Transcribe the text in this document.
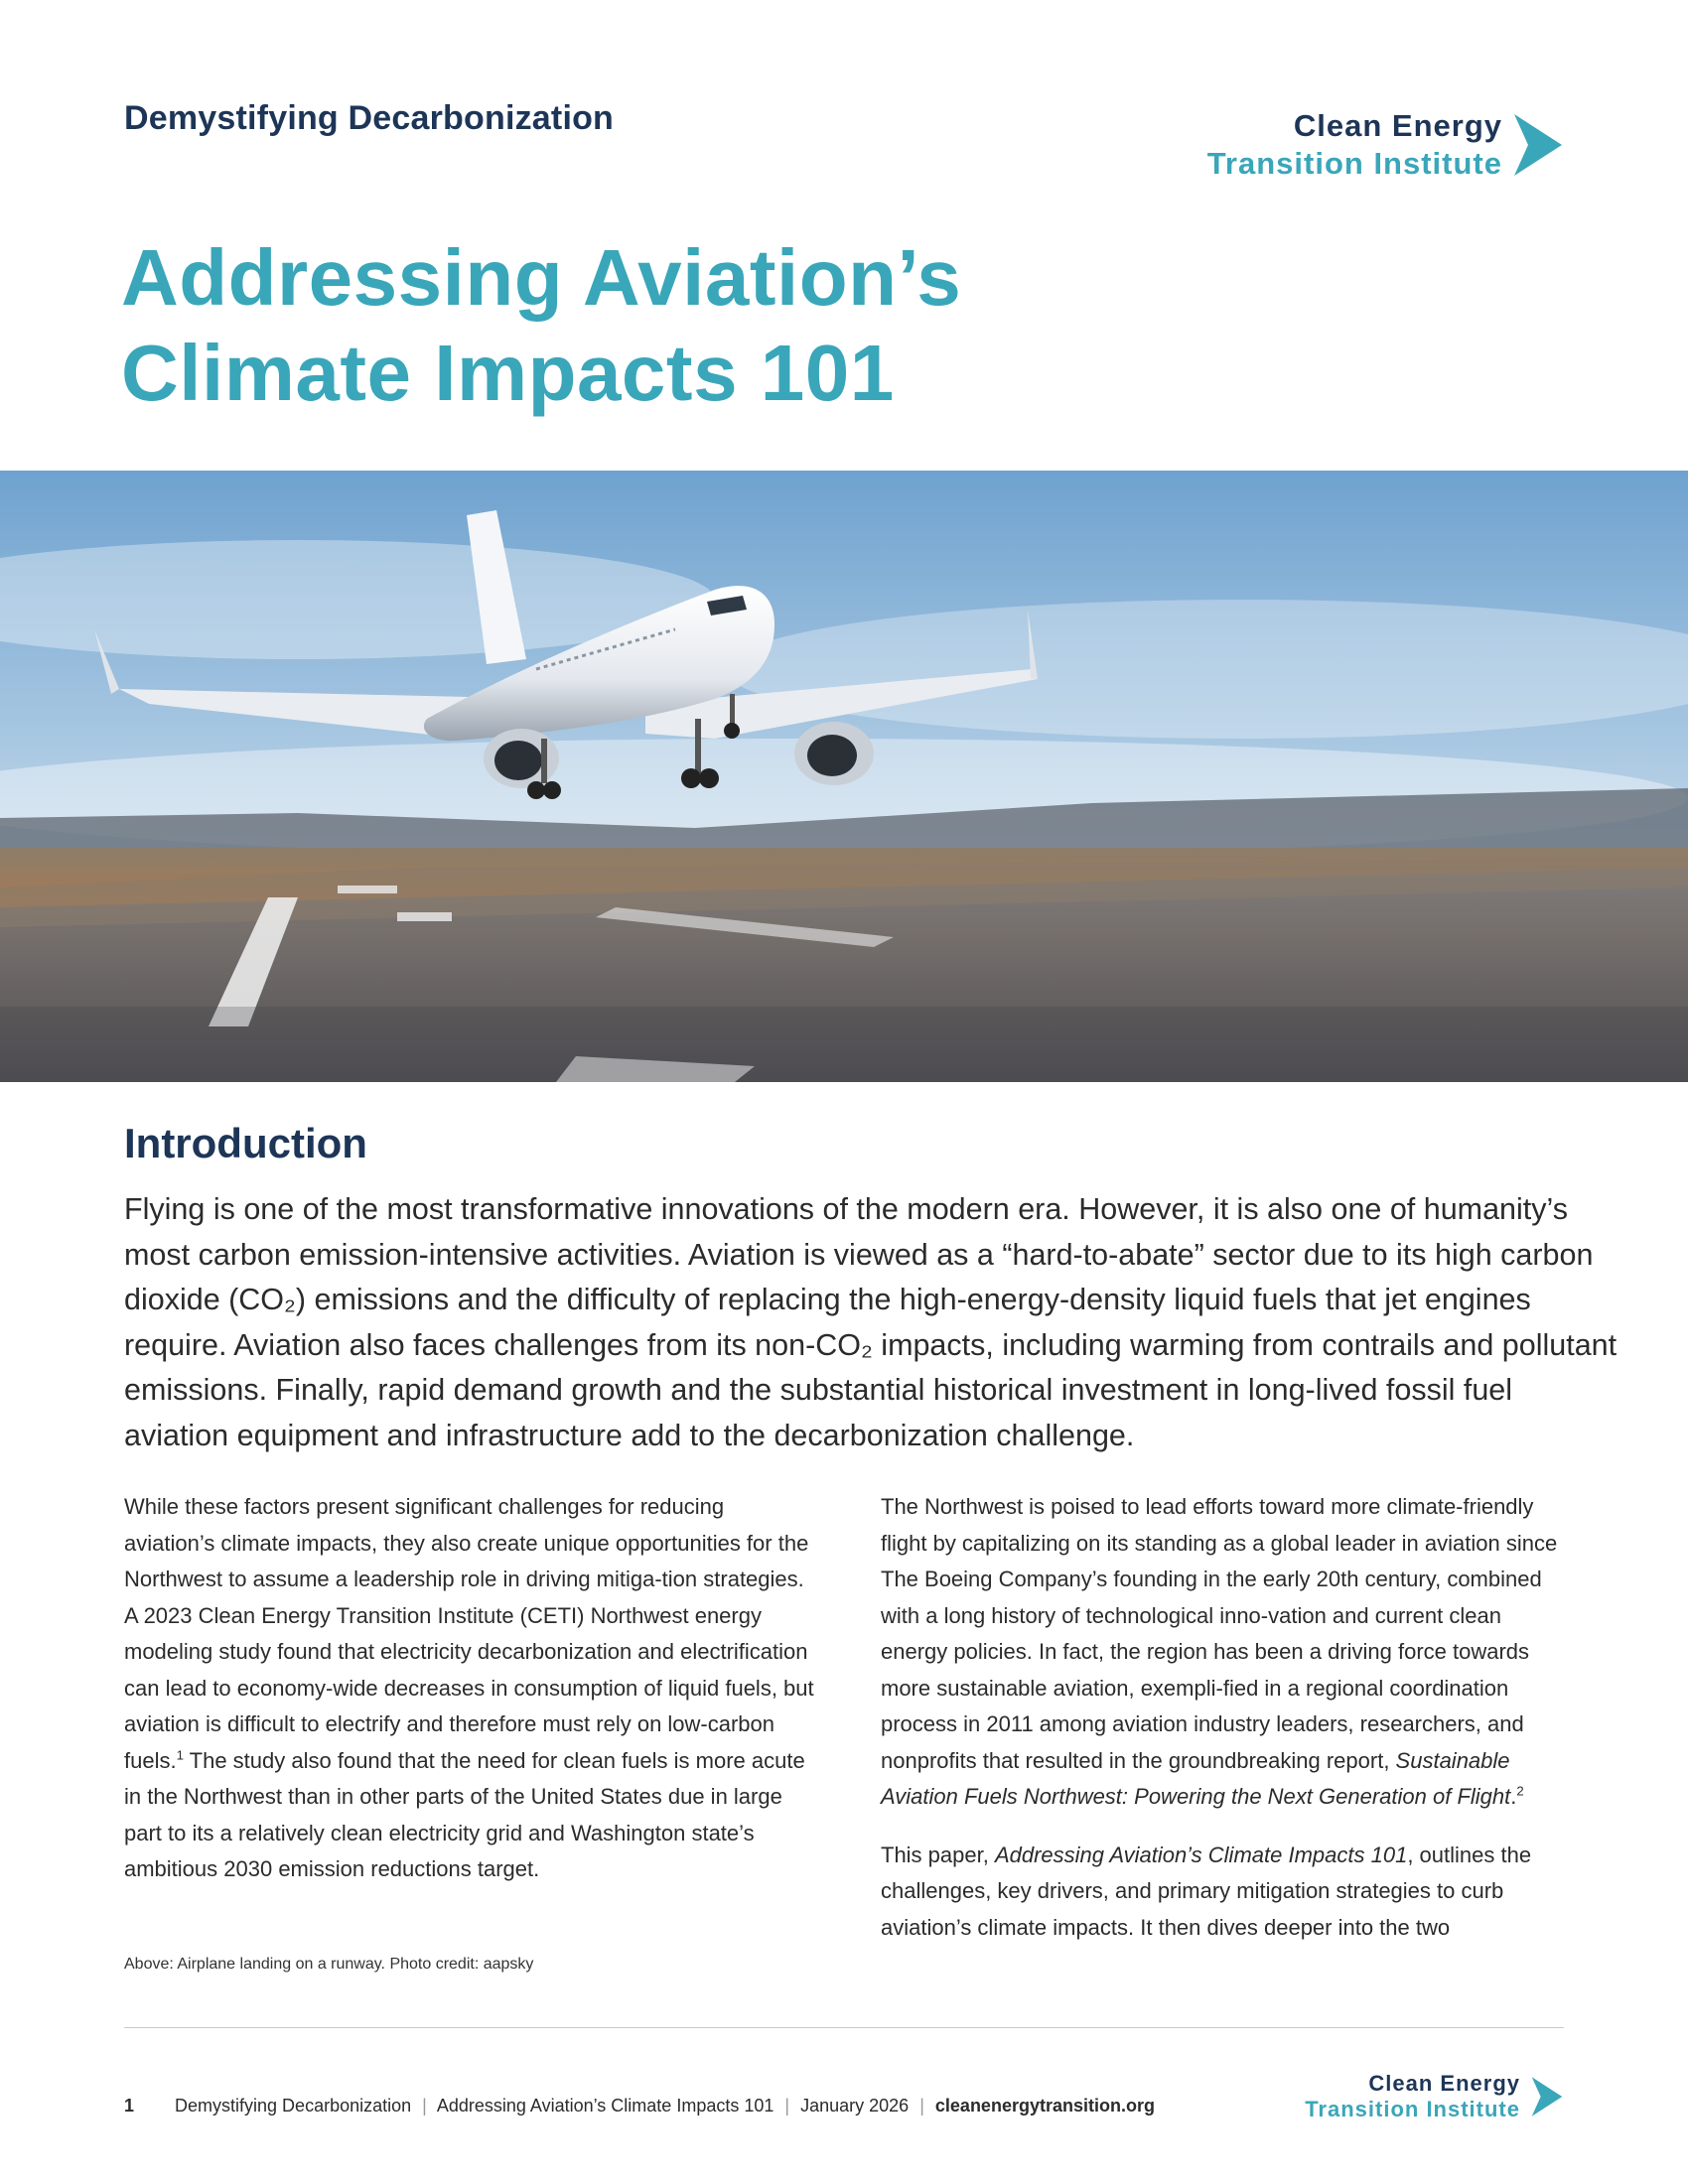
Demystifying Decarbonization	Clean Energy
Transition Institute
Addressing Aviation’s
Climate Impacts 101
Introduction

Flying is one of the most transformative innovations of the modern era. However, it is also one of humanity’s most carbon emission-intensive activities. Aviation is viewed as a “hard-to-abate” sector due to its high carbon dioxide (CO₂) emissions and the difficulty of replacing the high-energy-density liquid fuels that jet engines require. Aviation also faces challenges from its non-CO₂ impacts, including warming from contrails and pollutant emissions. Finally, rapid demand growth and the substantial historical investment in long-lived fossil fuel aviation equipment and infrastructure add to the decarbonization challenge.

While these factors present significant challenges for reducing aviation’s climate impacts, they also create unique opportunities for the Northwest to assume a leadership role in driving mitiga-tion strategies. A 2023 Clean Energy Transition Institute (CETI) Northwest energy modeling study found that electricity decarbonization and electrification can lead to economy-wide decreases in consumption of liquid fuels, but aviation is difficult to electrify and therefore must rely on low-carbon fuels.$^1$ The study also found that the need for clean fuels is more acute in the Northwest than in other parts of the United States due in large part to its a relatively clean electricity grid and Washington state’s ambitious 2030 emission reductions target.

Above: Airplane landing on a runway. Photo credit: aapsky

The Northwest is poised to lead efforts toward more climate-friendly flight by capitalizing on its standing as a global leader in aviation since The Boeing Company’s founding in the early 20th century, combined with a long history of technological inno-vation and current clean energy policies. In fact, the region has been a driving force towards more sustainable aviation, exempli-fied in a regional coordination process in 2011 among aviation industry leaders, researchers, and nonprofits that resulted in the groundbreaking report, Sustainable Aviation Fuels Northwest: Powering the Next Generation of Flight.$^2$

This paper, Addressing Aviation’s Climate Impacts 101, outlines the challenges, key drivers, and primary mitigation strategies to curb aviation’s climate impacts. It then dives deeper into the two

1 Demystifying Decarbonization | Addressing Aviation’s Climate Impacts 101 | January 2026 | cleanenergytransition.org
Clean Energy
Transition Institute
